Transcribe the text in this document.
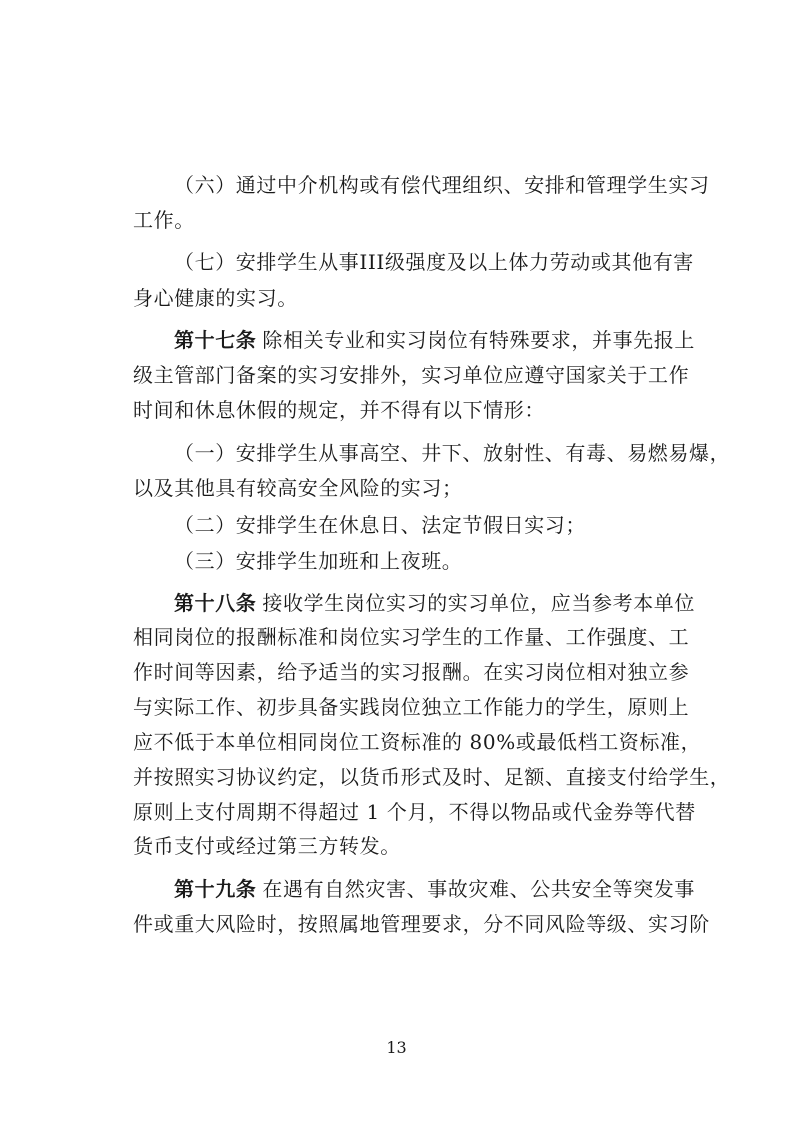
（六）通过中介机构或有偿代理组织、安排和管理学生实习
工作。
（七）安排学生从事III级强度及以上体力劳动或其他有害
身心健康的实习。
第十七条 除相关专业和实习岗位有特殊要求，并事先报上
级主管部门备案的实习安排外，实习单位应遵守国家关于工作
时间和休息休假的规定，并不得有以下情形：
（一）安排学生从事高空、井下、放射性、有毒、易燃易爆，
以及其他具有较高安全风险的实习；
（二）安排学生在休息日、法定节假日实习；
（三）安排学生加班和上夜班。
第十八条 接收学生岗位实习的实习单位，应当参考本单位
相同岗位的报酬标准和岗位实习学生的工作量、工作强度、工
作时间等因素，给予适当的实习报酬。在实习岗位相对独立参
与实际工作、初步具备实践岗位独立工作能力的学生，原则上
应不低于本单位相同岗位工资标准的 80%或最低档工资标准，
并按照实习协议约定，以货币形式及时、足额、直接支付给学生，
原则上支付周期不得超过 1 个月，不得以物品或代金券等代替
货币支付或经过第三方转发。
第十九条 在遇有自然灾害、事故灾难、公共安全等突发事
件或重大风险时，按照属地管理要求，分不同风险等级、实习阶
13
